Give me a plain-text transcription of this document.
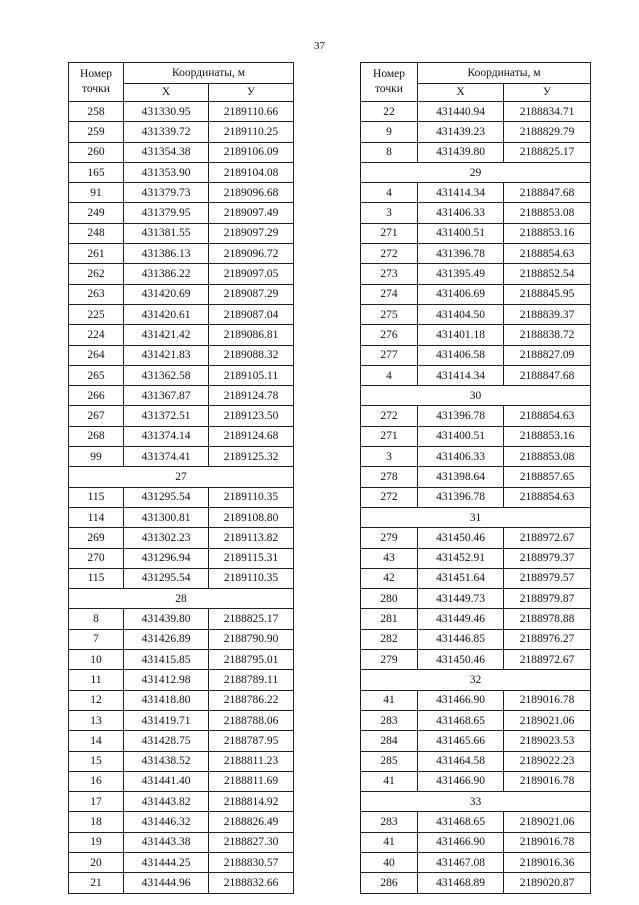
37
Номер
точки	Координаты, м	
	Х	У
258	431330.95	2189110.66
259	431339.72	2189110.25
260	431354.38	2189106.09
165	431353.90	2189104.08
91	431379.73	2189096.68
249	431379.95	2189097.49
248	431381.55	2189097.29
261	431386.13	2189096.72
262	431386.22	2189097.05
263	431420.69	2189087.29
225	431420.61	2189087.04
224	431421.42	2189086.81
264	431421.83	2189088.32
265	431362.58	2189105.11
266	431367.87	2189124.78
267	431372.51	2189123.50
268	431374.14	2189124.68
99	431374.41	2189125.32
27		
115	431295.54	2189110.35
114	431300.81	2189108.80
269	431302.23	2189113.82
270	431296.94	2189115.31
115	431295.54	2189110.35
28		
8	431439.80	2188825.17
7	431426.89	2188790.90
10	431415.85	2188795.01
11	431412.98	2188789.11
12	431418.80	2188786.22
13	431419.71	2188788.06
14	431428.75	2188787.95
15	431438.52	2188811.23
16	431441.40	2188811.69
17	431443.82	2188814.92
18	431446.32	2188826.49
19	431443.38	2188827.30
20	431444.25	2188830.57
21	431444.96	2188832.66
Номер
точки	Координаты, м	
	Х	У
22	431440.94	2188834.71
9	431439.23	2188829.79
8	431439.80	2188825.17
29		
4	431414.34	2188847.68
3	431406.33	2188853.08
271	431400.51	2188853.16
272	431396.78	2188854.63
273	431395.49	2188852.54
274	431406.69	2188845.95
275	431404.50	2188839.37
276	431401.18	2188838.72
277	431406.58	2188827.09
4	431414.34	2188847.68
30		
272	431396.78	2188854.63
271	431400.51	2188853.16
3	431406.33	2188853.08
278	431398.64	2188857.65
272	431396.78	2188854.63
31		
279	431450.46	2188972.67
43	431452.91	2188979.37
42	431451.64	2188979.57
280	431449.73	2188979.87
281	431449.46	2188978.88
282	431446.85	2188976.27
279	431450.46	2188972.67
32		
41	431466.90	2189016.78
283	431468.65	2189021.06
284	431465.66	2189023.53
285	431464.58	2189022.23
41	431466.90	2189016.78
33		
283	431468.65	2189021.06
41	431466.90	2189016.78
40	431467.08	2189016.36
286	431468.89	2189020.87
